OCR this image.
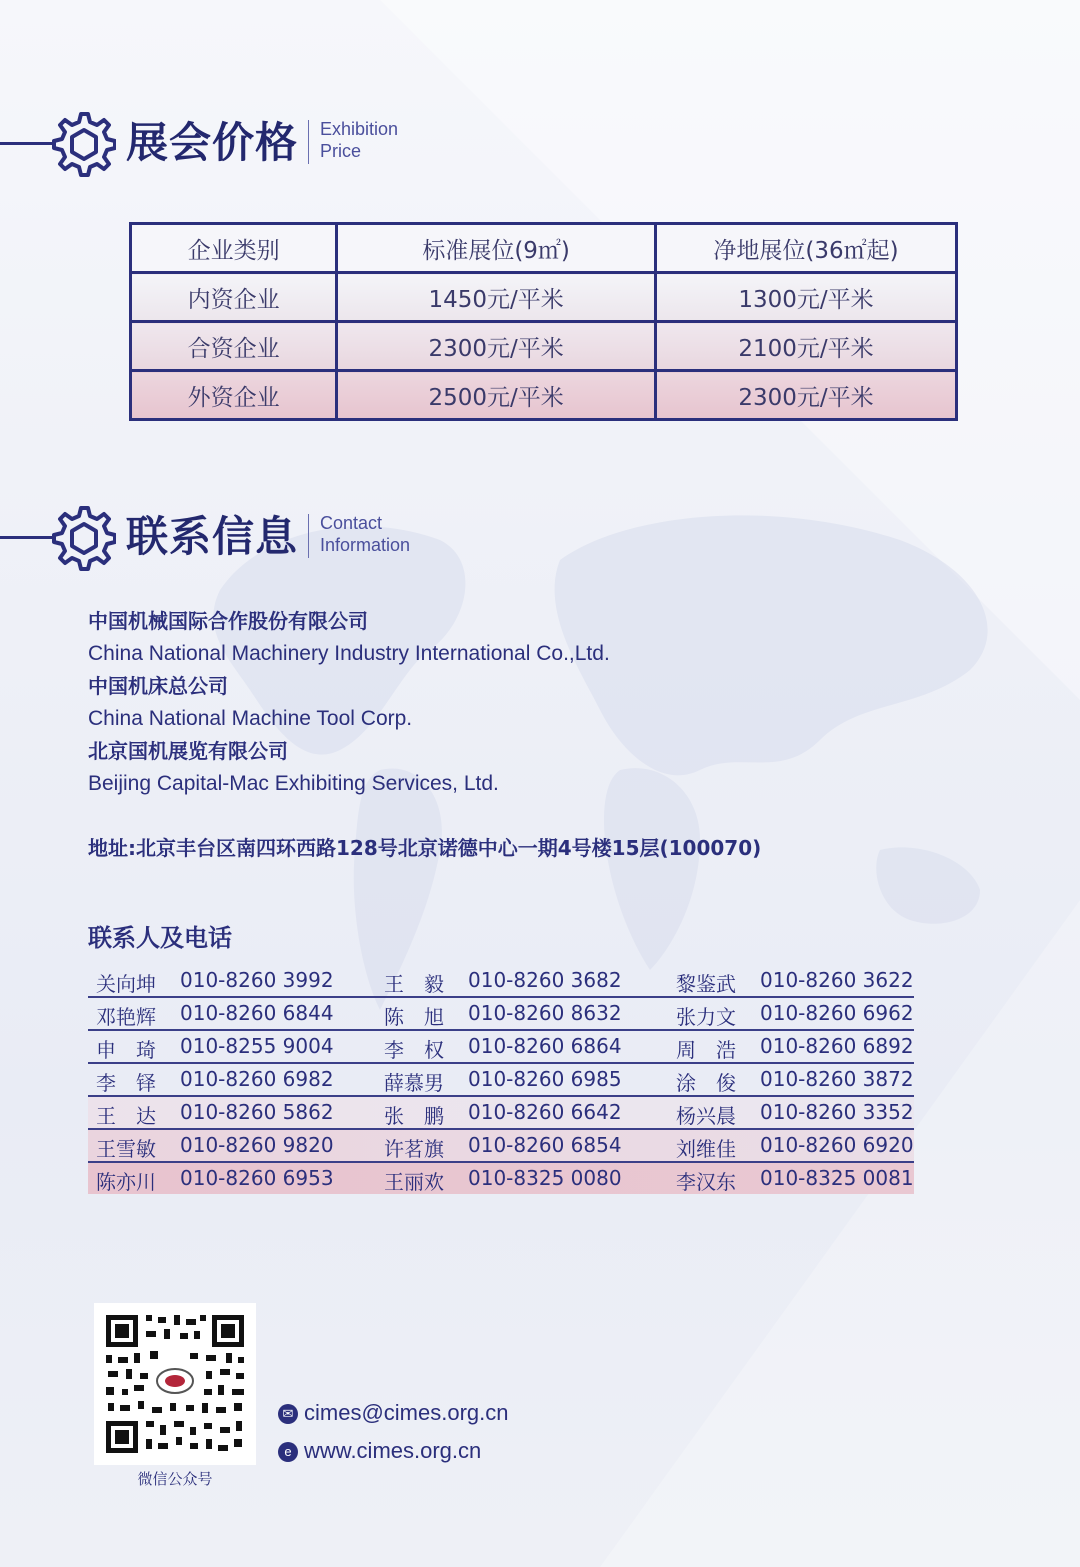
展会价格 Exhibition
Price
企业类别	标准展位(9㎡)	净地展位(36㎡起)
内资企业	1450元/平米	1300元/平米
合资企业	2300元/平米	2100元/平米
外资企业	2500元/平米	2300元/平米
联系信息 Contact
Information
中国机械国际合作股份有限公司
China National Machinery Industry International Co.,Ltd.
中国机床总公司
China National Machine Tool Corp.
北京国机展览有限公司
Beijing Capital-Mac Exhibiting Services, Ltd.
地址:北京丰台区南四环西路128号北京诺德中心一期4号楼15层(100070)
联系人及电话
关向坤 010-8260 3992	王　毅 010-8260 3682	黎鉴武 010-8260 3622
邓艳辉 010-8260 6844	陈　旭 010-8260 8632	张力文 010-8260 6962
申　琦 010-8255 9004	李　权 010-8260 6864	周　浩 010-8260 6892
李　铎 010-8260 6982	薛慕男 010-8260 6985	涂　俊 010-8260 3872
王　达 010-8260 5862	张　鹏 010-8260 6642	杨兴晨 010-8260 3352
王雪敏 010-8260 9820	许茗旗 010-8260 6854	刘维佳 010-8260 6920
陈亦川 010-8260 6953	王丽欢 010-8325 0080	李汉东 010-8325 0081
微信公众号
✉ cimes@cimes.org.cn
e www.cimes.org.cn
